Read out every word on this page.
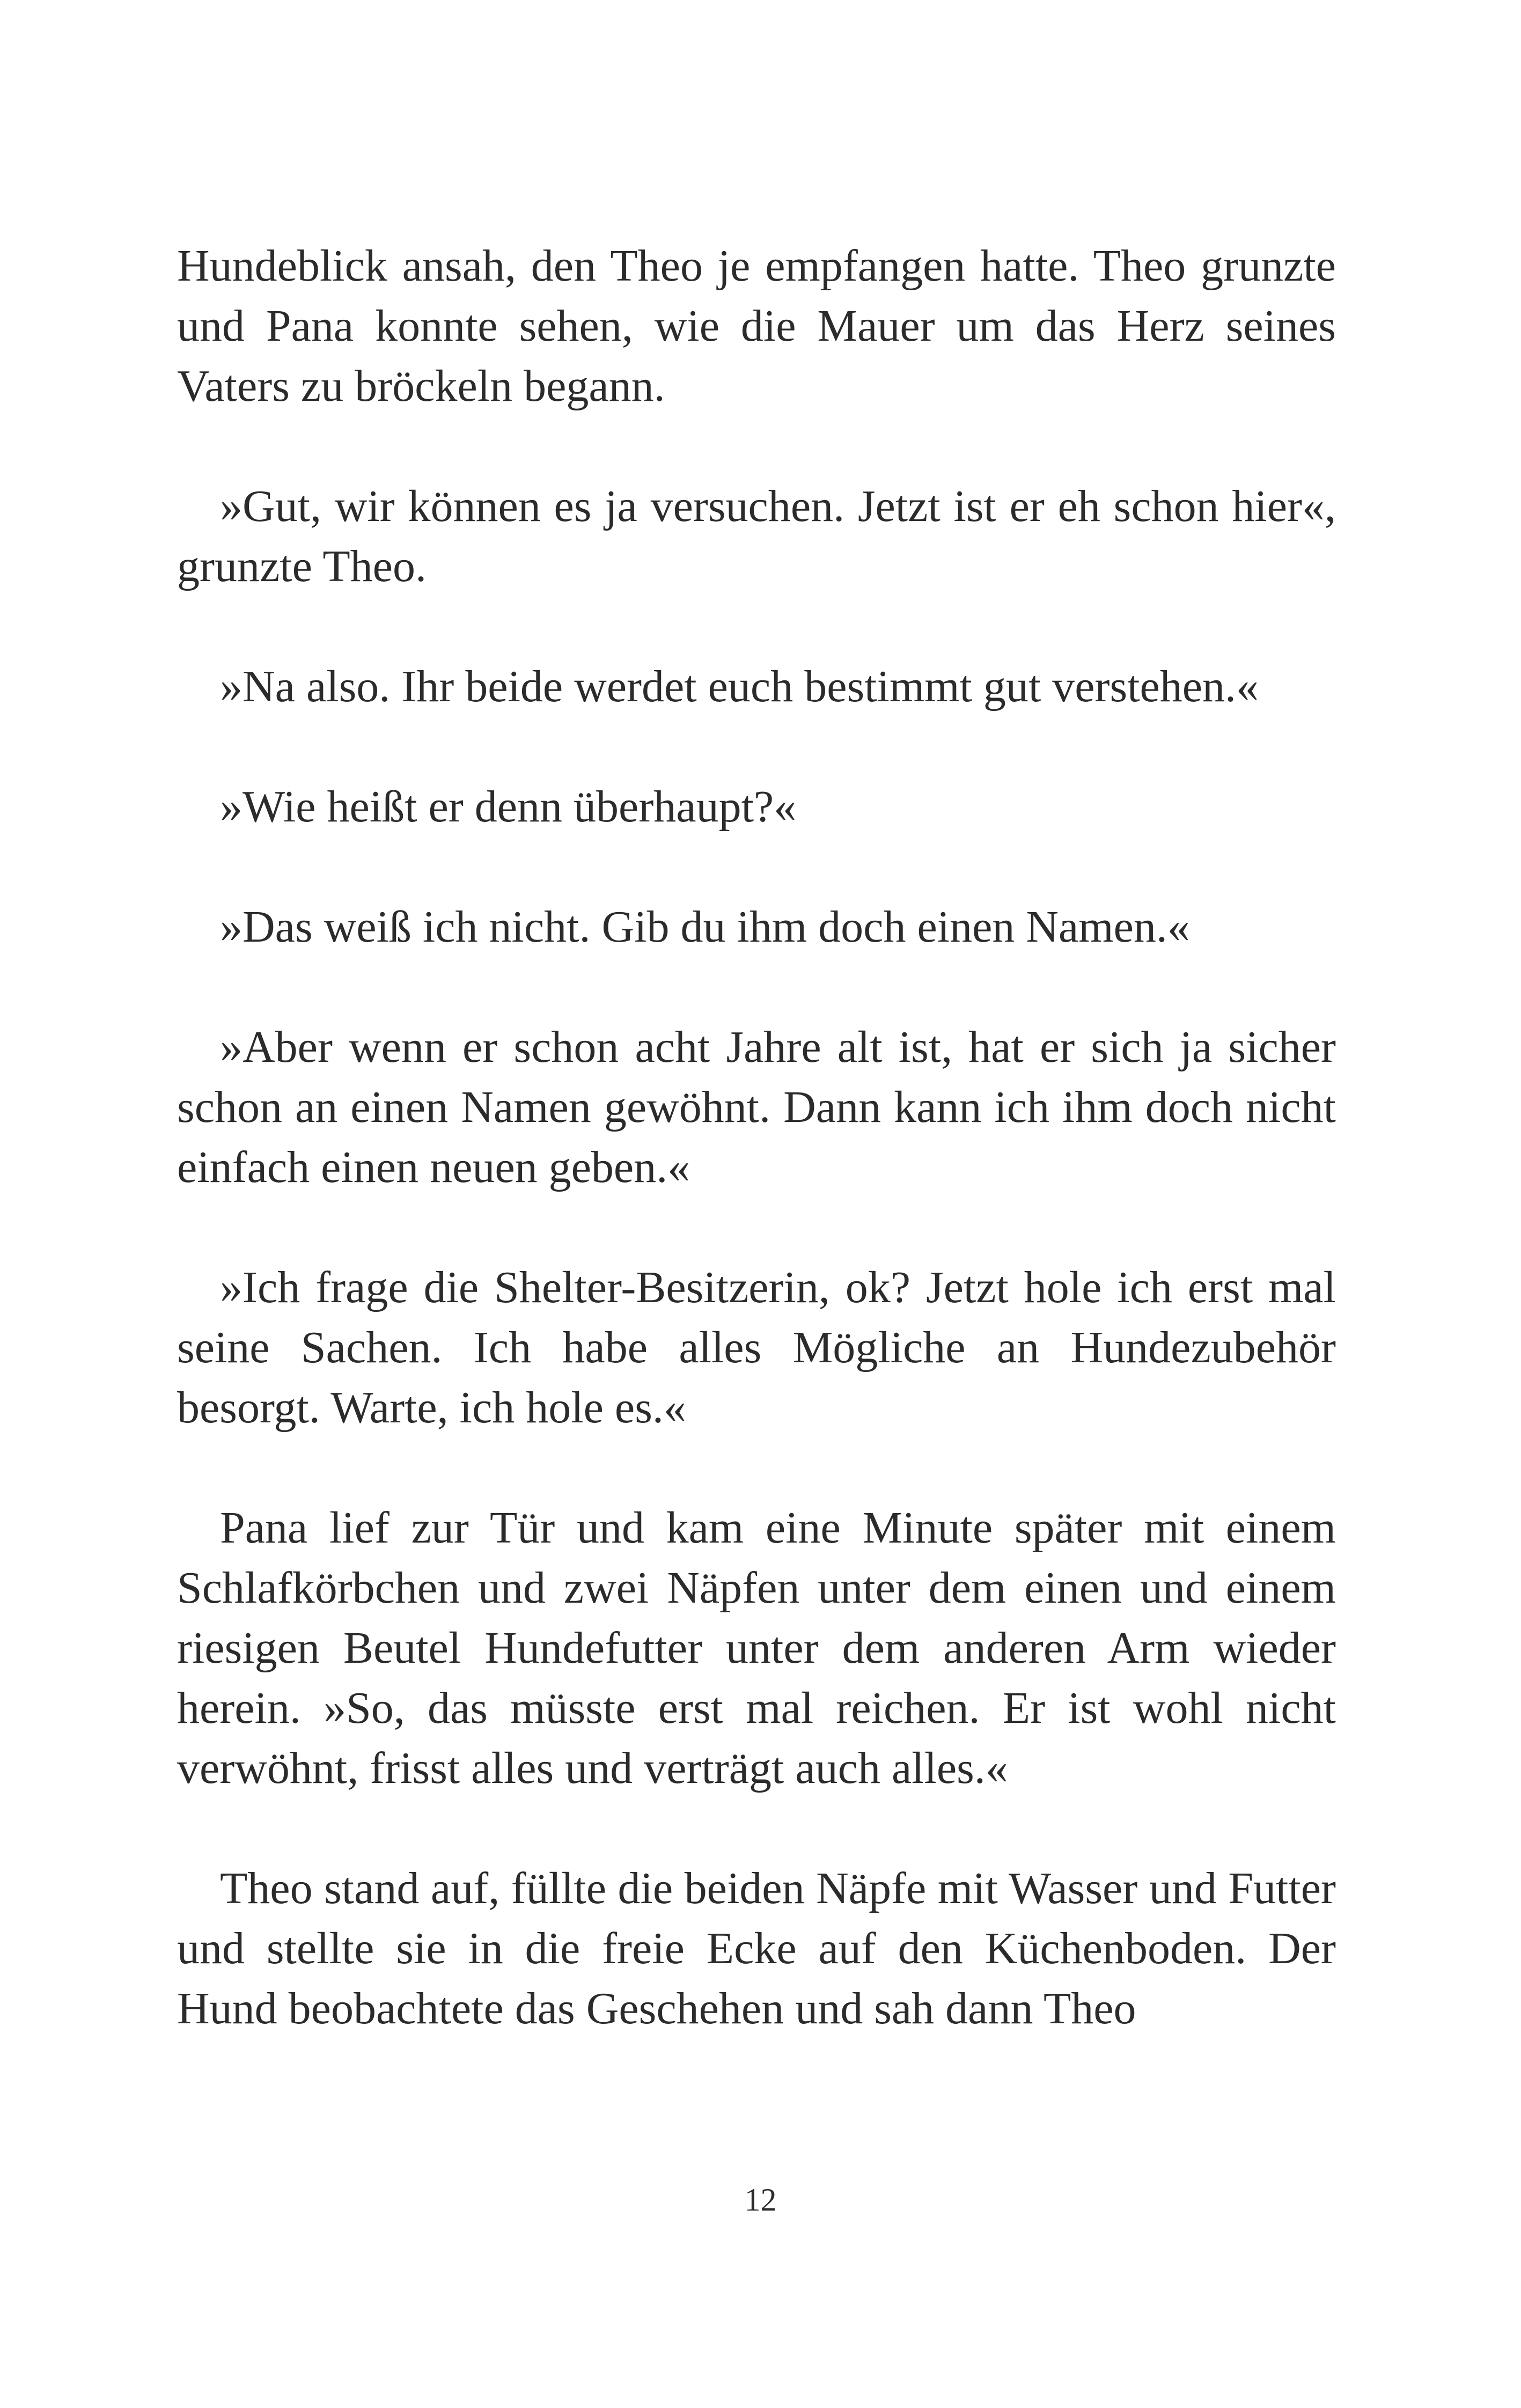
Hundeblick ansah, den Theo je empfangen hatte. Theo grunzte und Pana konnte sehen, wie die Mauer um das Herz seines Vaters zu bröckeln begann.

»Gut, wir können es ja versuchen. Jetzt ist er eh schon hier«, grunzte Theo.

»Na also. Ihr beide werdet euch bestimmt gut verstehen.«

»Wie heißt er denn überhaupt?«

»Das weiß ich nicht. Gib du ihm doch einen Namen.«

»Aber wenn er schon acht Jahre alt ist, hat er sich ja sicher schon an einen Namen gewöhnt. Dann kann ich ihm doch nicht einfach einen neuen geben.«

»Ich frage die Shelter-Besitzerin, ok? Jetzt hole ich erst mal seine Sachen. Ich habe alles Mögliche an Hundezubehör besorgt. Warte, ich hole es.«

Pana lief zur Tür und kam eine Minute später mit einem Schlafkörbchen und zwei Näpfen unter dem einen und einem riesigen Beutel Hundefutter unter dem anderen Arm wieder herein. »So, das müsste erst mal reichen. Er ist wohl nicht verwöhnt, frisst alles und verträgt auch alles.«

Theo stand auf, füllte die beiden Näpfe mit Wasser und Futter und stellte sie in die freie Ecke auf den Küchenboden. Der Hund beobachtete das Geschehen und sah dann Theo

12
